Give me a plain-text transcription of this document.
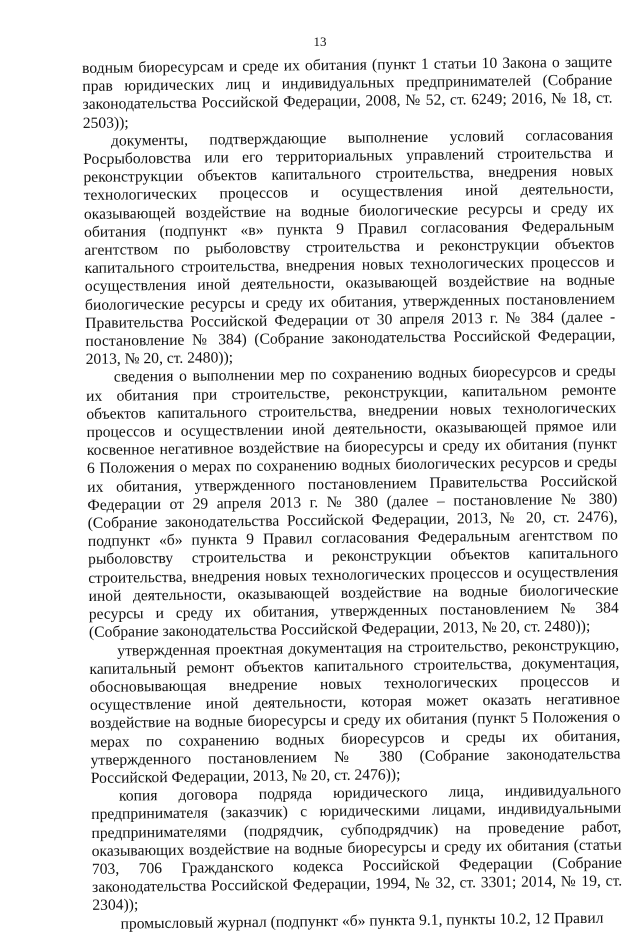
13

водным биоресурсам и среде их обитания (пункт 1 статьи 10 Закона о защите прав юридических лиц и индивидуальных предпринимателей (Собрание законодательства Российской Федерации, 2008, № 52, ст. 6249; 2016, № 18, ст. 2503));

документы, подтверждающие выполнение условий согласования Росрыболовства или его территориальных управлений строительства и реконструкции объектов капитального строительства, внедрения новых технологических процессов и осуществления иной деятельности, оказывающей воздействие на водные биологические ресурсы и среду их обитания (подпункт «в» пункта 9 Правил согласования Федеральным агентством по рыболовству строительства и реконструкции объектов капитального строительства, внедрения новых технологических процессов и осуществления иной деятельности, оказывающей воздействие на водные биологические ресурсы и среду их обитания, утвержденных постановлением Правительства Российской Федерации от 30 апреля 2013 г. № 384 (далее - постановление № 384) (Собрание законодательства Российской Федерации, 2013, № 20, ст. 2480));

сведения о выполнении мер по сохранению водных биоресурсов и среды их обитания при строительстве, реконструкции, капитальном ремонте объектов капитального строительства, внедрении новых технологических процессов и осуществлении иной деятельности, оказывающей прямое или косвенное негативное воздействие на биоресурсы и среду их обитания (пункт 6 Положения о мерах по сохранению водных биологических ресурсов и среды их обитания, утвержденного постановлением Правительства Российской Федерации от 29 апреля 2013 г. № 380 (далее – постановление № 380) (Собрание законодательства Российской Федерации, 2013, № 20, ст. 2476), подпункт «б» пункта 9 Правил согласования Федеральным агентством по рыболовству строительства и реконструкции объектов капитального строительства, внедрения новых технологических процессов и осуществления иной деятельности, оказывающей воздействие на водные биологические ресурсы и среду их обитания, утвержденных постановлением № 384 (Собрание законодательства Российской Федерации, 2013, № 20, ст. 2480));

утвержденная проектная документация на строительство, реконструкцию, капитальный ремонт объектов капитального строительства, документация, обосновывающая внедрение новых технологических процессов и осуществление иной деятельности, которая может оказать негативное воздействие на водные биоресурсы и среду их обитания (пункт 5 Положения о мерах по сохранению водных биоресурсов и среды их обитания, утвержденного постановлением № 380 (Собрание законодательства Российской Федерации, 2013, № 20, ст. 2476));

копия договора подряда юридического лица, индивидуального предпринимателя (заказчик) с юридическими лицами, индивидуальными предпринимателями (подрядчик, субподрядчик) на проведение работ, оказывающих воздействие на водные биоресурсы и среду их обитания (статьи 703, 706 Гражданского кодекса Российской Федерации (Собрание законодательства Российской Федерации, 1994, № 32, ст. 3301; 2014, № 19, ст. 2304));

промысловый журнал (подпункт «б» пункта 9.1, пункты 10.2, 12 Правил
